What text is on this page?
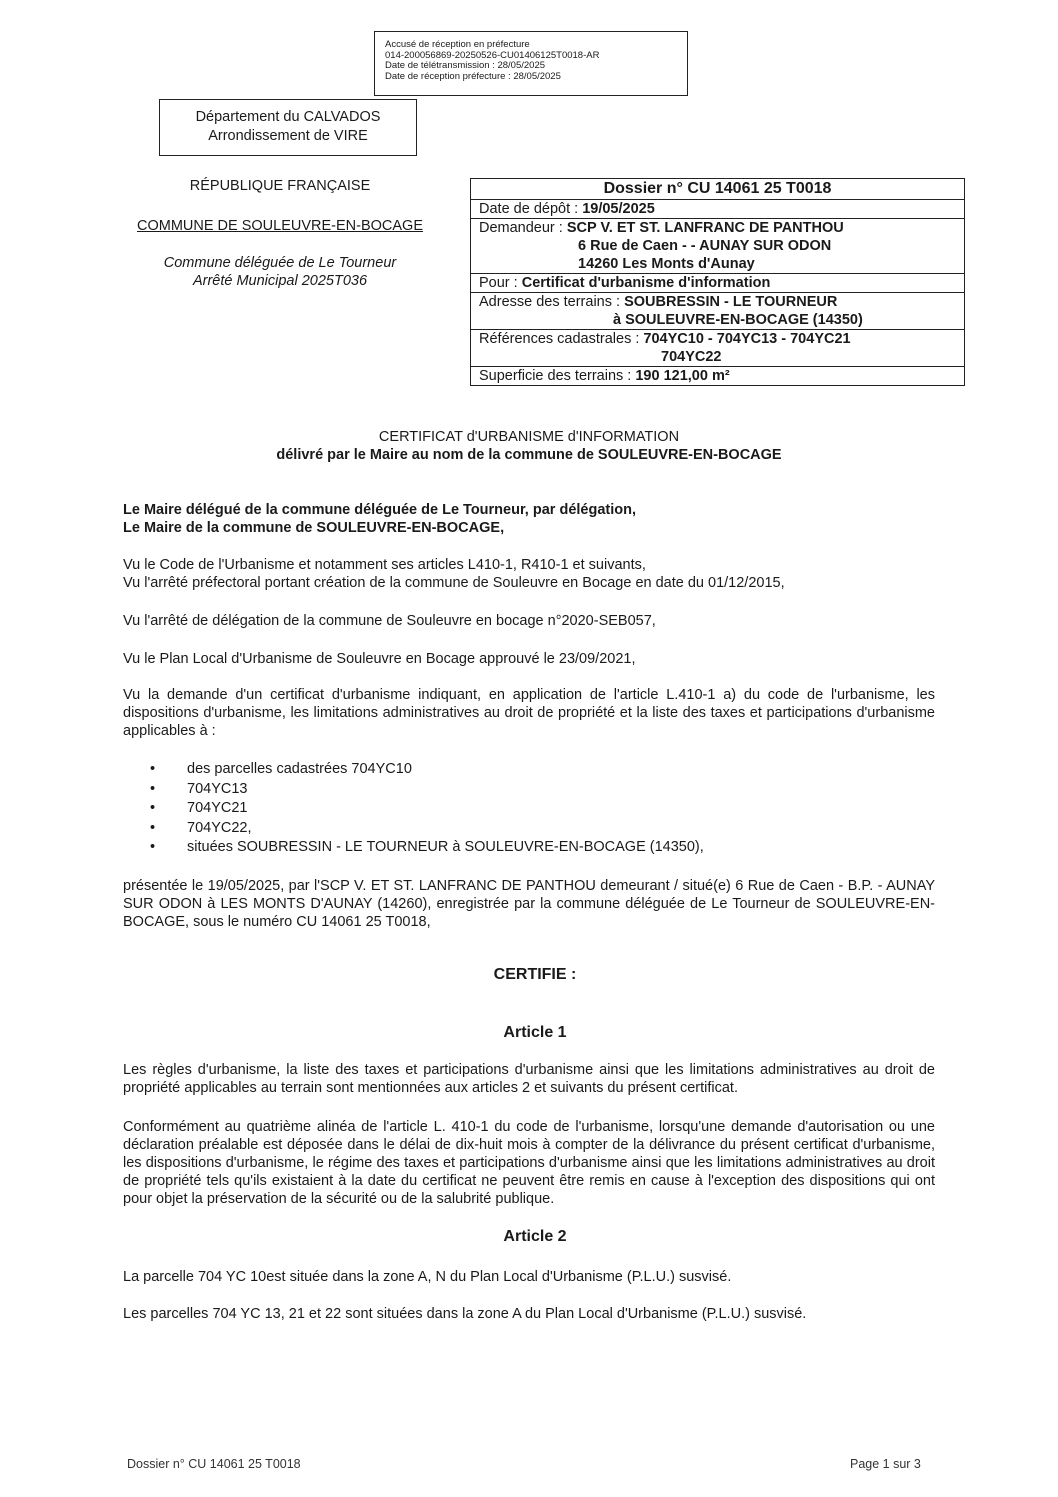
Accusé de réception en préfecture
014-200056869-20250526-CU01406125T0018-AR
Date de télétransmission : 28/05/2025
Date de réception préfecture : 28/05/2025
Département du CALVADOS
Arrondissement de VIRE
RÉPUBLIQUE FRANÇAISE
COMMUNE DE SOULEUVRE-EN-BOCAGE
Commune déléguée de Le Tourneur
Arrêté Municipal 2025T036
Dossier n° CU 14061 25 T0018
Date de dépôt : 19/05/2025
Demandeur : SCP V. ET ST. LANFRANC DE PANTHOU
6 Rue de Caen - - AUNAY SUR ODON
14260 Les Monts d'Aunay
Pour : Certificat d'urbanisme d'information
Adresse des terrains : SOUBRESSIN - LE TOURNEUR
à SOULEUVRE-EN-BOCAGE (14350)
Références cadastrales : 704YC10 - 704YC13 - 704YC21
704YC22
Superficie des terrains : 190 121,00 m²
CERTIFICAT d'URBANISME d'INFORMATION
délivré par le Maire au nom de la commune de SOULEUVRE-EN-BOCAGE
Le Maire délégué de la commune déléguée de Le Tourneur, par délégation,
Le Maire de la commune de SOULEUVRE-EN-BOCAGE,
Vu le Code de l'Urbanisme et notamment ses articles L410-1, R410-1 et suivants,
Vu l'arrêté préfectoral portant création de la commune de Souleuvre en Bocage en date du 01/12/2015,
Vu l'arrêté de délégation de la commune de Souleuvre en bocage n°2020-SEB057,
Vu le Plan Local d'Urbanisme de Souleuvre en Bocage approuvé le 23/09/2021,
Vu la demande d'un certificat d'urbanisme indiquant, en application de l'article L.410-1 a) du code de l'urbanisme, les dispositions d'urbanisme, les limitations administratives au droit de propriété et la liste des taxes et participations d'urbanisme applicables à :
•	des parcelles cadastrées 704YC10
•	704YC13
•	704YC21
•	704YC22,
•	situées SOUBRESSIN - LE TOURNEUR à SOULEUVRE-EN-BOCAGE (14350),
présentée le 19/05/2025, par l'SCP V. ET ST. LANFRANC DE PANTHOU demeurant / situé(e) 6 Rue de Caen - B.P. - AUNAY SUR ODON à LES MONTS D'AUNAY (14260), enregistrée par la commune déléguée de Le Tourneur de SOULEUVRE-EN-BOCAGE, sous le numéro CU 14061 25 T0018,
CERTIFIE :
Article 1
Les règles d'urbanisme, la liste des taxes et participations d'urbanisme ainsi que les limitations administratives au droit de propriété applicables au terrain sont mentionnées aux articles 2 et suivants du présent certificat.
Conformément au quatrième alinéa de l'article L. 410-1 du code de l'urbanisme, lorsqu'une demande d'autorisation ou une déclaration préalable est déposée dans le délai de dix-huit mois à compter de la délivrance du présent certificat d'urbanisme, les dispositions d'urbanisme, le régime des taxes et participations d'urbanisme ainsi que les limitations administratives au droit de propriété tels qu'ils existaient à la date du certificat ne peuvent être remis en cause à l'exception des dispositions qui ont pour objet la préservation de la sécurité ou de la salubrité publique.
Article 2
La parcelle 704 YC 10est située dans la zone A, N du Plan Local d'Urbanisme (P.L.U.) susvisé.
Les parcelles 704 YC 13, 21 et 22 sont situées dans la zone A du Plan Local d'Urbanisme (P.L.U.) susvisé.
Dossier n° CU 14061 25 T0018	Page 1 sur 3
